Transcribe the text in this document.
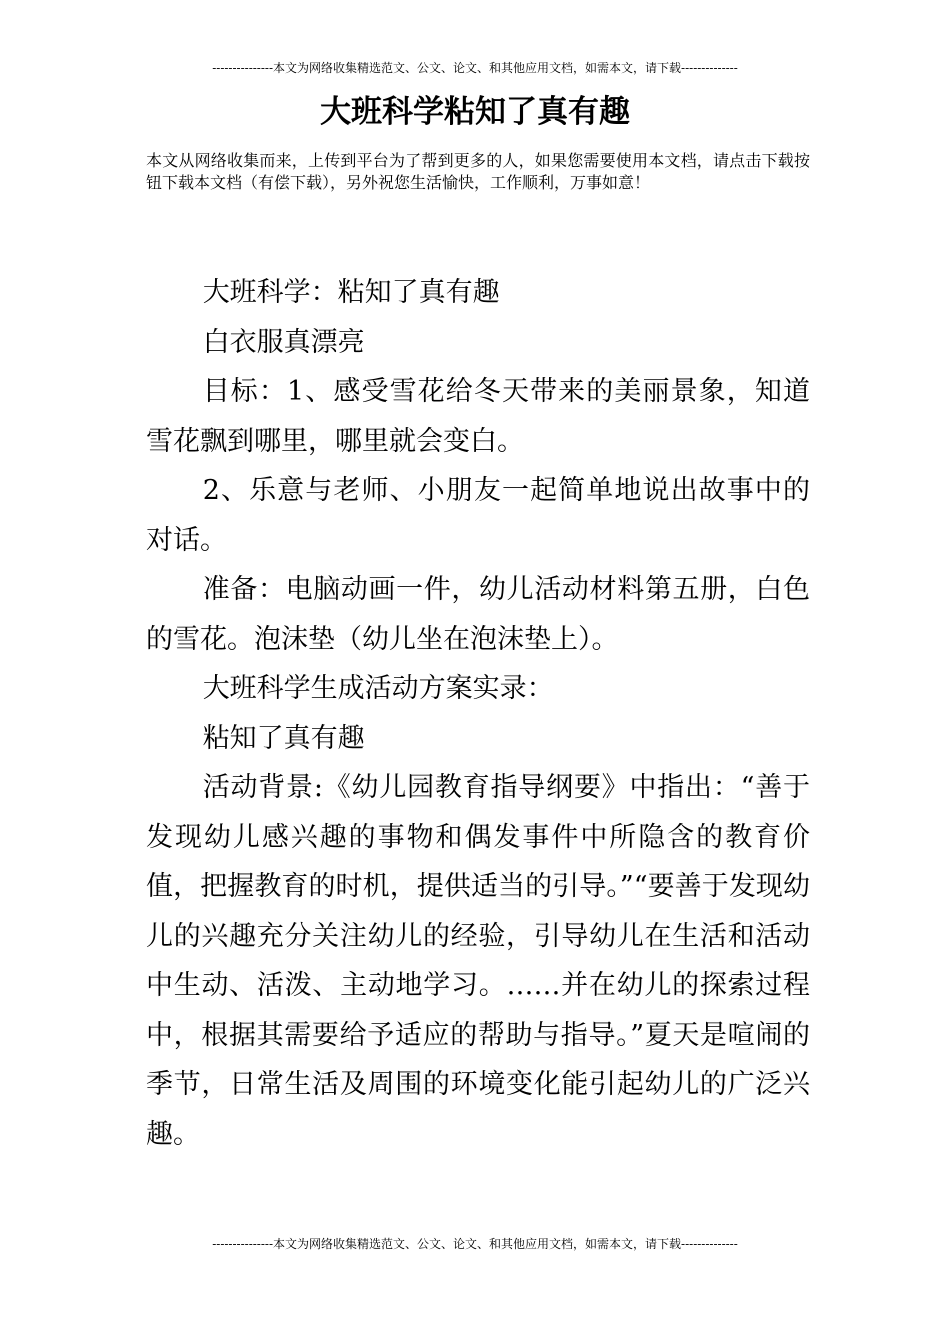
---------------本文为网络收集精选范文、公文、论文、和其他应用文档，如需本文，请下载--------------
大班科学粘知了真有趣

本文从网络收集而来，上传到平台为了帮到更多的人，如果您需要使用本文档，请点击下载按钮下载本文档（有偿下载），另外祝您生活愉快，工作顺利，万事如意！

大班科学：粘知了真有趣

白衣服真漂亮

目标：1、感受雪花给冬天带来的美丽景象，知道雪花飘到哪里，哪里就会变白。

2、乐意与老师、小朋友一起简单地说出故事中的对话。

准备：电脑动画一件，幼儿活动材料第五册，白色的雪花。泡沫垫（幼儿坐在泡沫垫上）。

大班科学生成活动方案实录：

粘知了真有趣

活动背景:《幼儿园教育指导纲要》中指出：“善于发现幼儿感兴趣的事物和偶发事件中所隐含的教育价值，把握教育的时机，提供适当的引导。”“要善于发现幼儿的兴趣充分关注幼儿的经验，引导幼儿在生活和活动中生动、活泼、主动地学习。……并在幼儿的探索过程中，根据其需要给予适应的帮助与指导。”夏天是喧闹的季节，日常生活及周围的环境变化能引起幼儿的广泛兴趣。

---------------本文为网络收集精选范文、公文、论文、和其他应用文档，如需本文，请下载--------------
